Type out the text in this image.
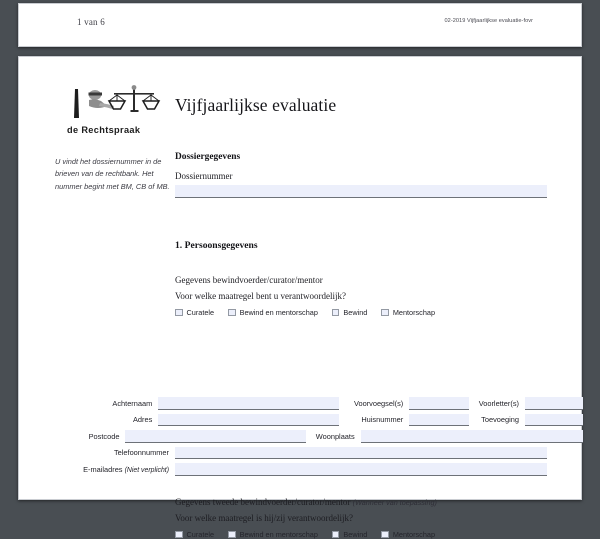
1 van 6	02-2019 Vijfjaarlijkse evaluatie-fovr
de Rechtspraak
Vijfjaarlijkse evaluatie
U vindt het dossiernummer in de brieven van de rechtbank. Het nummer begint met BM, CB of MB.
Dossiergegevens
Dossiernummer
1. Persoonsgegevens
Gegevens bewindvoerder/curator/mentor
Voor welke maatregel bent u verantwoordelijk?
Curatele	Bewind en mentorschap	Bewind	Mentorschap
Achternaam	Voorvoegsel(s)	Voorletter(s)
Adres	Huisnummer	Toevoeging
Postcode	Woonplaats
Telefoonnummer
E-mailadres (Niet verplicht)
Gegevens tweede bewindvoerder/curator/mentor (Wanneer van toepassing)
Voor welke maatregel is hij/zij verantwoordelijk?
Curatele	Bewind en mentorschap	Bewind	Mentorschap
